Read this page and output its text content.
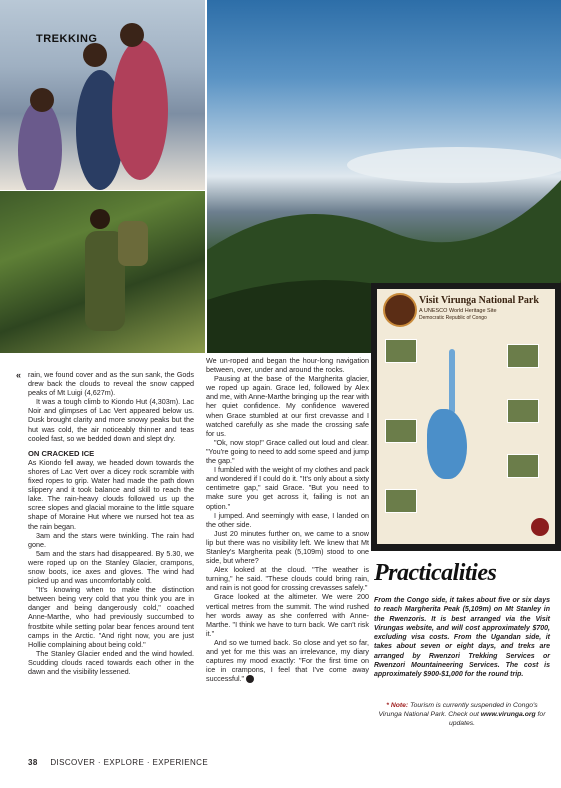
TREKKING
« rain, we found cover and as the sun sank, the Gods drew back the clouds to reveal the snow capped peaks of Mt Luigi (4,627m).

It was a tough climb to Kiondo Hut (4,303m). Lac Noir and glimpses of Lac Vert appeared below us. Dusk brought clarity and more snowy peaks but the hut was cold, the air noticeably thinner and teas cooled fast, so we bedded down and slept dry.

ON CRACKED ICE

As Kiondo fell away, we headed down towards the shores of Lac Vert over a dicey rock scramble with fixed ropes to grip. Water had made the path down slippery and it took balance and skill to reach the lake. The rain-heavy clouds followed us up the scree slopes and glacial moraine to the little square shape of Moraine Hut where we nursed hot tea as the rain began.

3am and the stars were twinkling. The rain had gone.

5am and the stars had disappeared. By 5.30, we were roped up on the Stanley Glacier, crampons, snow boots, ice axes and gloves. The wind had picked up and was uncomfortably cold.

"It's knowing when to make the distinction between being very cold that you think you are in danger and being dangerously cold," coached Anne-Marthe, who had previously succumbed to frostbite while setting polar bear fences around tent camps in the Arctic. "And right now, you are just Hollie complaining about being cold."

The Stanley Glacier ended and the wind howled. Scudding clouds raced towards each other in the dawn and the visibility lessened.

We un-roped and began the hour-long navigation between, over, under and around the rocks.

Pausing at the base of the Margherita glacier, we roped up again. Grace led, followed by Alex and me, with Anne-Marthe bringing up the rear with her quiet confidence. My confidence wavered when Grace stumbled at our first crevasse and I watched carefully as she made the crossing safe for us.

"Ok, now stop!" Grace called out loud and clear. "You're going to need to add some speed and jump the gap."

I fumbled with the weight of my clothes and pack and wondered if I could do it. "It's only about a sixty centimetre gap," said Grace. "But you need to make sure you get across it, failing is not an option."

I jumped. And seemingly with ease, I landed on the other side.

Just 20 minutes further on, we came to a snow lip but there was no visibility left. We knew that Mt Stanley's Margherita peak (5,109m) stood to one side, but where?

Alex looked at the cloud. "The weather is turning," he said. "These clouds could bring rain, and rain is not good for crossing crevasses safely."

Grace looked at the altimeter. We were 200 vertical metres from the summit. The wind rushed her words away as she conferred with Anne-Marthe. "I think we have to turn back. We can't risk it."

And so we turned back. So close and yet so far, and yet for me this was an irrelevance, my diary captures my mood exactly: "For the first time on ice in crampons, I feel that I've come away successful." N

Visit Virunga National Park
A UNESCO World Heritage Site
Democratic Republic of Congo
Practicalities
From the Congo side, it takes about five or six days to reach Margherita Peak (5,109m) on Mt Stanley in the Rwenzoris. It is best arranged via the Visit Virungas website, and will cost approximately $700, excluding visa costs. From the Ugandan side, it takes about seven or eight days, and treks are arranged by Rwenzori Trekking Services or Rwenzori Mountaineering Services. The cost is approximately $900-$1,000 for the round trip.
* Note: Tourism is currently suspended in Congo's Virunga National Park. Check out www.virunga.org for updates.
38 DISCOVER · EXPLORE · EXPERIENCE
